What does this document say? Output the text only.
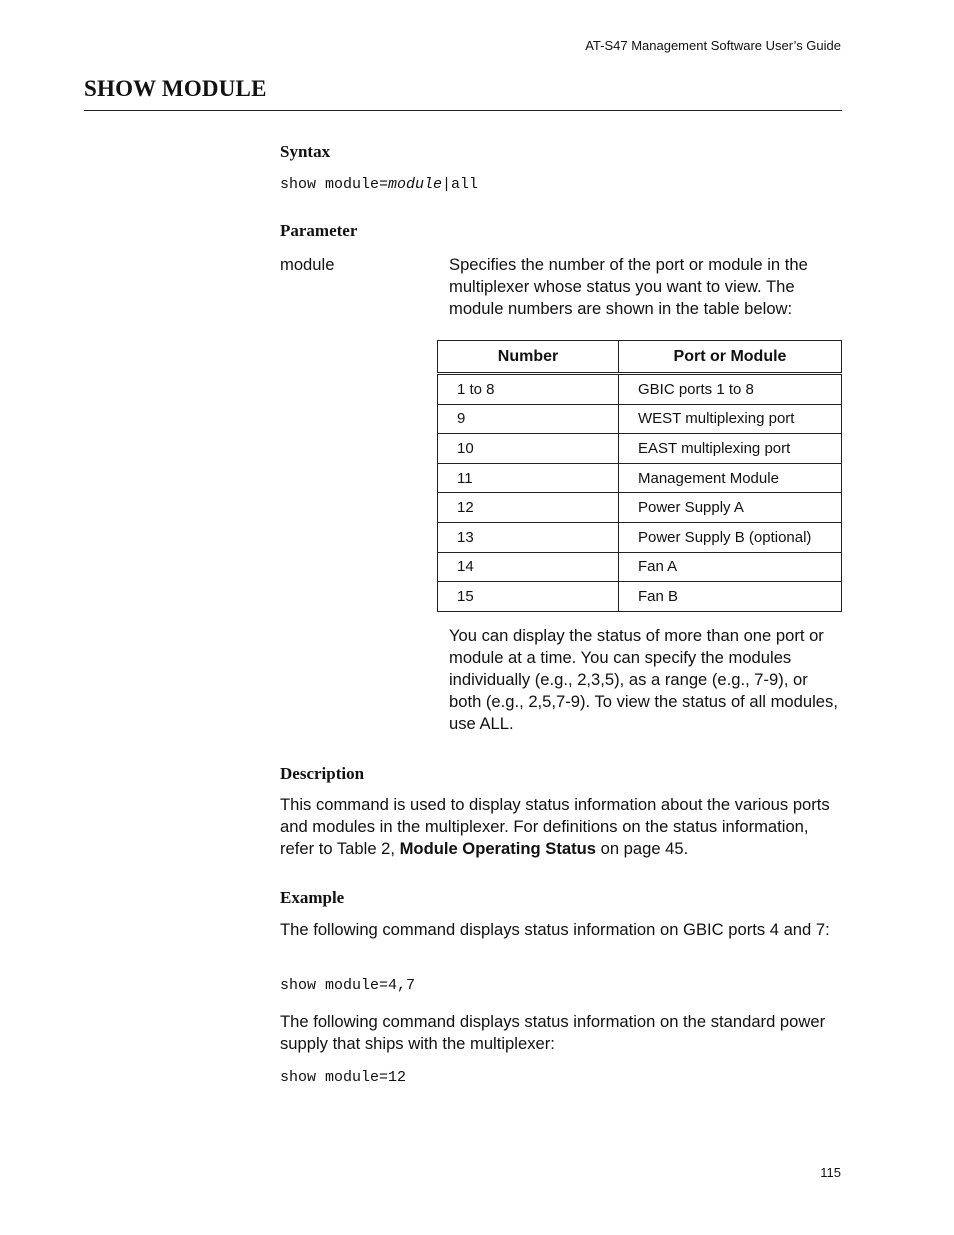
AT-S47 Management Software User’s Guide
SHOW MODULE
Syntax
show module=module|all
Parameter
module	Specifies the number of the port or module in the multiplexer whose status you want to view. The module numbers are shown in the table below:
Number	Port or Module
1 to 8	GBIC ports 1 to 8
9	WEST multiplexing port
10	EAST multiplexing port
11	Management Module
12	Power Supply A
13	Power Supply B (optional)
14	Fan A
15	Fan B
You can display the status of more than one port or module at a time. You can specify the modules individually (e.g., 2,3,5), as a range (e.g., 7-9), or both (e.g., 2,5,7-9). To view the status of all modules, use ALL.
Description
This command is used to display status information about the various ports and modules in the multiplexer. For definitions on the status information, refer to Table 2, Module Operating Status on page 45.
Example
The following command displays status information on GBIC ports 4 and 7:
show module=4,7
The following command displays status information on the standard power supply that ships with the multiplexer:
show module=12
115
